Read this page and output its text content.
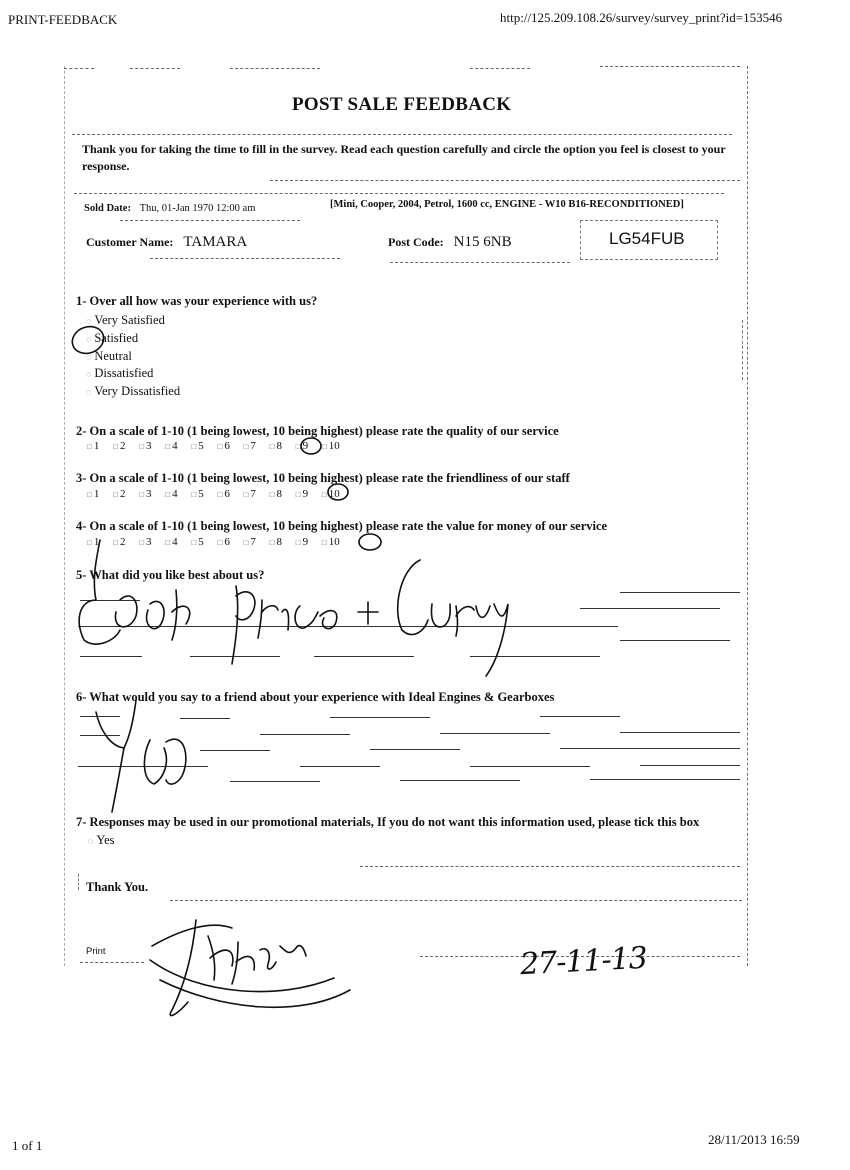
PRINT-FEEDBACK	http://125.209.108.26/survey/survey_print?id=153546
POST SALE FEEDBACK
Thank you for taking the time to fill in the survey. Read each question carefully and circle the option you feel is closest to your response.
Sold Date: Thu, 01-Jan 1970 12:00 am	[Mini, Cooper, 2004, Petrol, 1600 cc, ENGINE - W10 B16-RECONDITIONED]
Customer Name: TAMARA	Post Code: N15 6NB	LG54FUB
1- Over all how was your experience with us?
◌ Very Satisfied
◌ Satisfied
◌ Neutral
◌ Dissatisfied
◌ Very Dissatisfied
2- On a scale of 1-10 (1 being lowest, 10 being highest) please rate the quality of our service
□ 1 □ 2 □ 3 □ 4 □ 5 □ 6 □ 7 □ 8 □ 9 □ 10
3- On a scale of 1-10 (1 being lowest, 10 being highest) please rate the friendliness of our staff
□ 1 □ 2 □ 3 □ 4 □ 5 □ 6 □ 7 □ 8 □ 9 □ 10
4- On a scale of 1-10 (1 being lowest, 10 being highest) please rate the value for money of our service
□ 1 □ 2 □ 3 □ 4 □ 5 □ 6 □ 7 □ 8 □ 9 □ 10
5- What did you like best about us?
6- What would you say to a friend about your experience with Ideal Engines & Gearboxes
7- Responses may be used in our promotional materials, If you do not want this information used, please tick this box
◌ Yes
Thank You.
Print	27-11-13
1 of 1	28/11/2013 16:59
